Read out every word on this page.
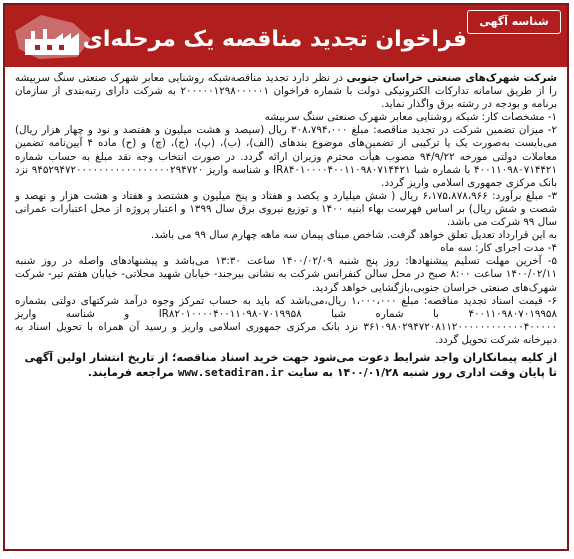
شناسه آگهی
فراخوان تجدید مناقصه یک مرحله‌ای

شرکت شهرک‌های صنعتی خراسان جنوبی در نظر دارد تجدید مناقصه‌شبکه روشنایی معابر شهرک صنعتی سنگ سربیشه را از طریق سامانه تدارکات الکترونیکی دولت با شماره فراخوان ۲۰۰۰۰۰۱۲۹۸۰۰۰۰۰۱ به شرکت دارای رتبه‌بندی از سازمان برنامه و بودجه در رشته برق واگذار نماید.

۱- مشخصات کار: شبکه روشنایی معابر شهرک صنعتی سنگ سربیشه

۲- میزان تضمین شرکت در تجدید مناقصه: مبلغ ۳۰۸،۷۹۴،۰۰۰ ریال (سیصد و هشت میلیون و هفتصد و نود و چهار هزار ریال) می‌بایست به‌صورت یک یا ترکیبی از تضمین‌های موضوع بندهای (الف)، (ب)، (پ)، (ج)، (چ) و (ح) ماده ۴ آیین‌نامه تضمین معاملات دولتی مورخه ۹۴/۹/۲۲ مصوب هیأت محترم وزیران ارائه گردد. در صورت انتخاب وجه نقد مبلغ به حساب شماره ۴۰۰۱۱۰۹۸۰۷۱۴۴۲۱ با شماره شبا IR۸۴۰۱۰۰۰۰۴۰۰۱۱۰۹۸۰۷۱۴۴۲۱ و شناسه واریز ۹۴۵۲۹۴۷۲۰۰۰۰۰۰۰۰۰۰۰۰۰۰۰۰۰۲۹۴۷۲۰ نزد بانک مرکزی جمهوری اسلامی واریز گردد.

۳- مبلغ برآورد: ۶،۱۷۵،۸۷۸،۹۶۶ ریال ( شش میلیارد و یکصد و هفتاد و پنج میلیون و هشتصد و هفتاد و هشت هزار و نهصد و شصت و شش ریال) بر اساس فهرست بهاء ابنیه ۱۴۰۰ و توزیع نیروی برق سال ۱۳۹۹ و اعتبار پروژه از محل اعتبارات عمرانی سال ۹۹ شرکت می باشد.

به این قرارداد تعدیل تعلق خواهد گرفت. شاخص مبنای پیمان سه ماهه چهارم سال ۹۹ می باشد.

۴- مدت اجرای کار: سه ماه

۵- آخرین مهلت تسلیم پیشنهادها: روز پنج شنبه ۱۴۰۰/۰۲/۰۹ ساعت ۱۳:۳۰ می‌باشد و پیشنهادهای واصله در روز شنبه ۱۴۰۰/۰۲/۱۱ ساعت ۸:۰۰ صبح در محل سالن کنفرانس شرکت به نشانی بیرجند- خیابان شهید محلاتی- خیابان هفتم تیر- شرکت شهرک‌های صنعتی خراسان جنوبی،بازگشایی خواهد گردید.

۶- قیمت اسناد تجدید مناقصه: مبلغ ۱،۰۰۰،۰۰۰ ریال،می‌باشد که باید به حساب تمرکز وجوه درآمد شرکتهای دولتی بشماره ۴۰۰۱۱۰۹۸۰۷۰۱۹۹۵۸ با شماره شبا IR۸۲۰۱۰۰۰۰۴۰۰۱۱۰۹۸۰۷۰۱۹۹۵۸ و شناسه واریز ۳۶۱۰۹۸۰۲۹۴۷۲۰۸۱۱۲۰۰۰۰۰۰۰۰۰۰۰۰۴۰۰۰۰۰ نزد بانک مرکزی جمهوری اسلامی واریز و رسید آن همراه با تحویل اسناد به دبیرخانه شرکت تحویل گردد.

از کلیه پیمانکاران واجد شرایط دعوت می‌شود جهت خرید اسناد مناقصه؛ از تاریخ انتشار اولین آگهی

تا پایان وقت اداری روز شنبه ۱۴۰۰/۰۱/۲۸ به سایت www.setadiran.ir مراجعه فرمایند.
